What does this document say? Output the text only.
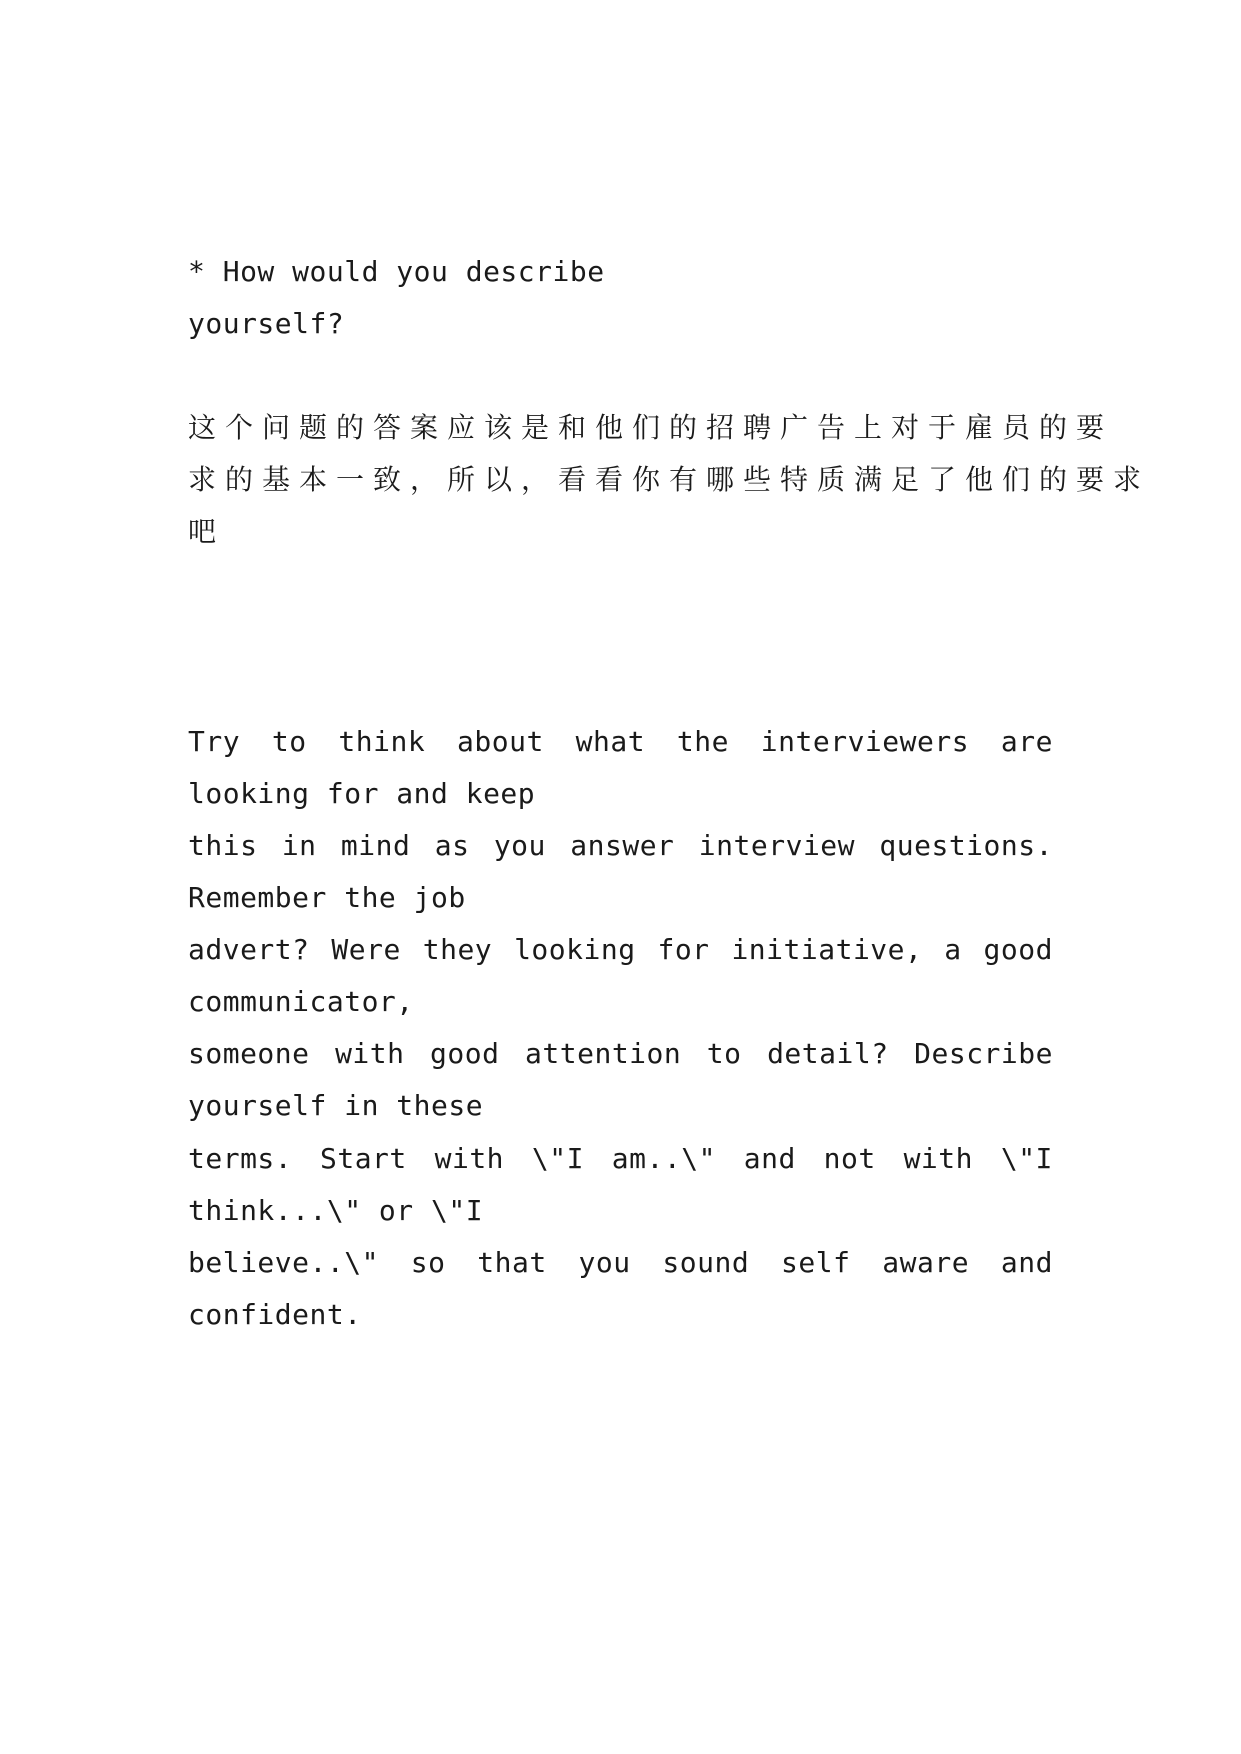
* How would you describe
yourself?
这个问题的答案应该是和他们的招聘广告上对于雇员的要
求的基本一致，所以，看看你有哪些特质满足了他们的要求
吧
Try to think about what the interviewers are
looking for and keep
this in mind as you answer interview questions.
Remember the job
advert? Were they looking for initiative, a good
communicator,
someone with good attention to detail? Describe
yourself in these
terms. Start with \"I am..\" and not with \"I
think...\" or \"I
believe..\" so that you sound self aware and
confident.
